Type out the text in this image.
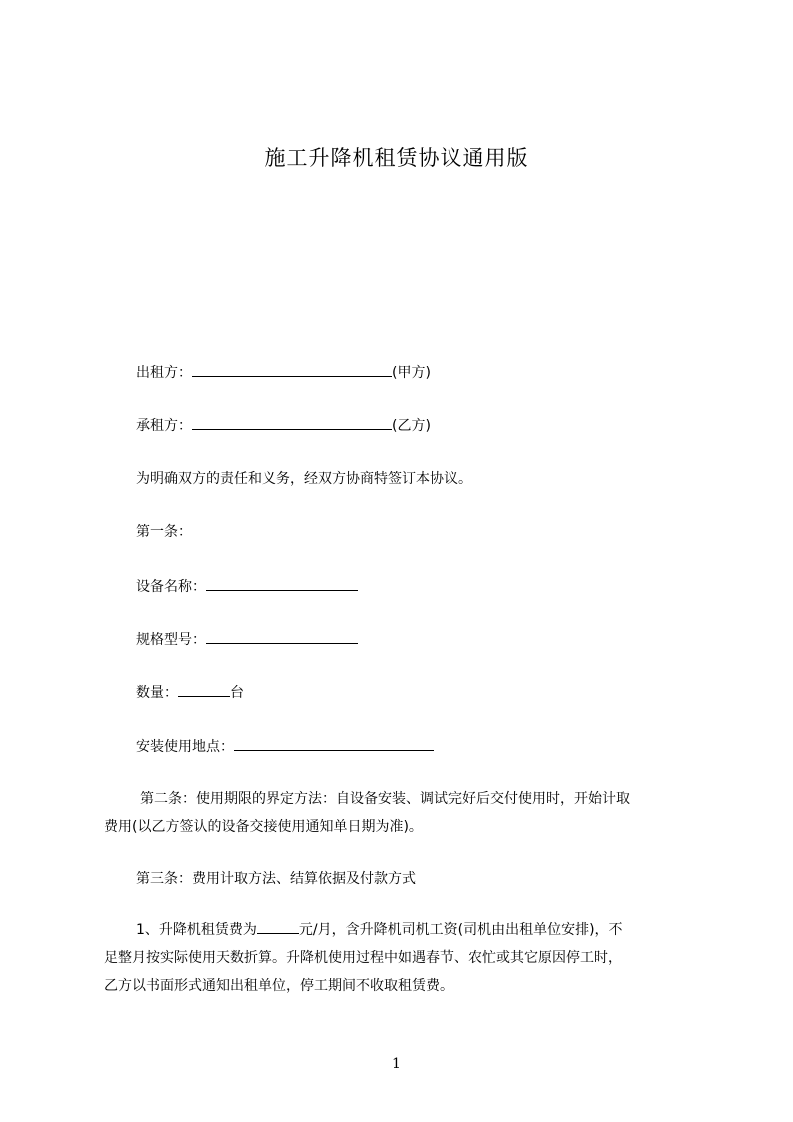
施工升降机租赁协议通用版
出租方：	(甲方)
承租方：	(乙方)
为明确双方的责任和义务，经双方协商特签订本协议。
第一条：
设备名称：
规格型号：
数量：	台
安装使用地点：
第二条：使用期限的界定方法：自设备安装、调试完好后交付使用时，开始计取
费用(以乙方签认的设备交接使用通知单日期为准)。
第三条：费用计取方法、结算依据及付款方式
1、升降机租赁费为	元/月，含升降机司机工资(司机由出租单位安排)，不
足整月按实际使用天数折算。升降机使用过程中如遇春节、农忙或其它原因停工时，
乙方以书面形式通知出租单位，停工期间不收取租赁费。
1
